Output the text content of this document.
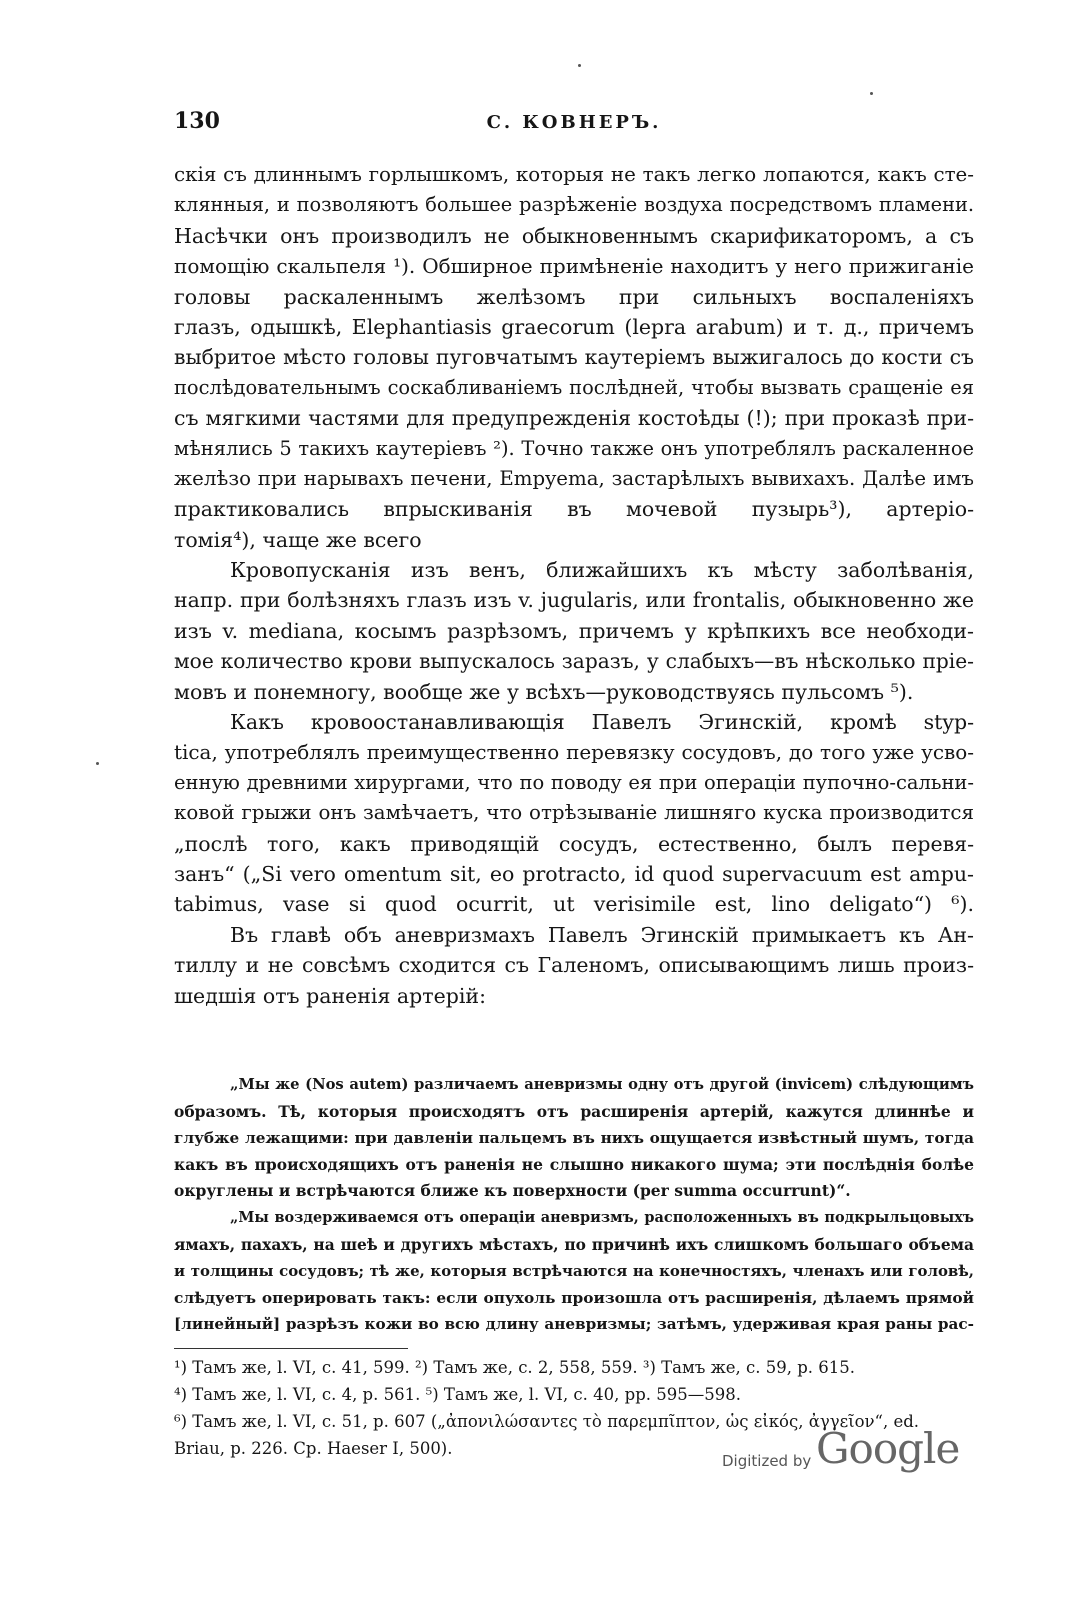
130	С. КОВНЕРЪ.
скія съ длиннымъ горлышкомъ, которыя не такъ легко лопаются, какъ сте-
клянныя, и позволяютъ большее разрѣженіе воздуха посредствомъ пламени.
Насѣчки онъ производилъ не обыкновеннымъ скарификаторомъ, а съ
помощію скальпеля ¹). Обширное примѣненіе находитъ у него прижиганіе
головы раскаленнымъ желѣзомъ при сильныхъ воспаленіяхъ
глазъ, одышкѣ, Elephantiasis graecorum (lepra arabum) и т. д., причемъ
выбритое мѣсто головы пуговчатымъ каутеріемъ выжигалось до кости съ
послѣдовательнымъ соскабливаніемъ послѣдней, чтобы вызвать сращеніе ея
съ мягкими частями для предупрежденія костоѣды (!); при проказѣ при-
мѣнялись 5 такихъ каутеріевъ ²). Точно также онъ употреблялъ раскаленное
желѣзо при нарывахъ печени, Empyema, застарѣлыхъ вывихахъ. Далѣе имъ
практиковались впрыскиванія въ мочевой пузырь³), артеріо-
томія⁴), чаще же всего
Кровопусканія изъ венъ, ближайшихъ къ мѣсту заболѣванія,
напр. при болѣзняхъ глазъ изъ v. jugularis, или frontalis, обыкновенно же
изъ v. mediana, косымъ разрѣзомъ, причемъ у крѣпкихъ все необходи-
мое количество крови выпускалось заразъ, у слабыхъ—въ нѣсколько пріе-
мовъ и понемногу, вообще же у всѣхъ—руководствуясь пульсомъ ⁵).
Какъ кровоостанавливающія Павелъ Эгинскій, кромѣ styp-
tica, употреблялъ преимущественно перевязку сосудовъ, до того уже усво-
енную древними хирургами, что по поводу ея при операціи пупочно-сальни-
ковой грыжи онъ замѣчаетъ, что отрѣзываніе лишняго куска производится
„послѣ того, какъ приводящій сосудъ, естественно, былъ перевя-
занъ“ („Si vero omentum sit, eo protracto, id quod supervacuum est ampu-
tabimus, vase si quod ocurrit, ut verisimile est, lino deligato“) ⁶).
Въ главѣ объ аневризмахъ Павелъ Эгинскій примыкаетъ къ Ан-
тиллу и не совсѣмъ сходится съ Галеномъ, описывающимъ лишь произ-
шедшія отъ раненія артерій:
„Мы же (Nos autem) различаемъ аневризмы одну отъ другой (invicem) слѣдующимъ
образомъ. Тѣ, которыя происходятъ отъ расширенія артерій, кажутся длиннѣе и
глубже лежащими: при давленіи пальцемъ въ нихъ ощущается извѣстный шумъ, тогда
какъ въ происходящихъ отъ раненія не слышно никакого шума; эти послѣднія болѣе
округлены и встрѣчаются ближе къ поверхности (per summa occurrunt)“.
„Мы воздерживаемся отъ операціи аневризмъ, расположенныхъ въ подкрыльцовыхъ
ямахъ, пахахъ, на шеѣ и другихъ мѣстахъ, по причинѣ ихъ слишкомъ большаго объема
и толщины сосудовъ; тѣ же, которыя встрѣчаются на конечностяхъ, членахъ или головѣ,
слѣдуетъ оперировать такъ: если опухоль произошла отъ расширенія, дѣлаемъ прямой
[линейный] разрѣзъ кожи во всю длину аневризмы; затѣмъ, удерживая края раны рас-
¹) Тамъ же, l. VI, c. 41, 599. ²) Тамъ же, с. 2, 558, 559. ³) Тамъ же, с. 59, р. 615.
⁴) Тамъ же, l. VI, c. 4, p. 561. ⁵) Тамъ же, l. VI, c. 40, pp. 595—598.
⁶) Тамъ же, l. VI, c. 51, p. 607 („ἀπονιλώσαντες τὸ παρεμπῖπτον, ὡς εἰκός, ἀγγεῖον“, ed.
Briau, p. 226. Cp. Haeser I, 500).
Digitized by Google
